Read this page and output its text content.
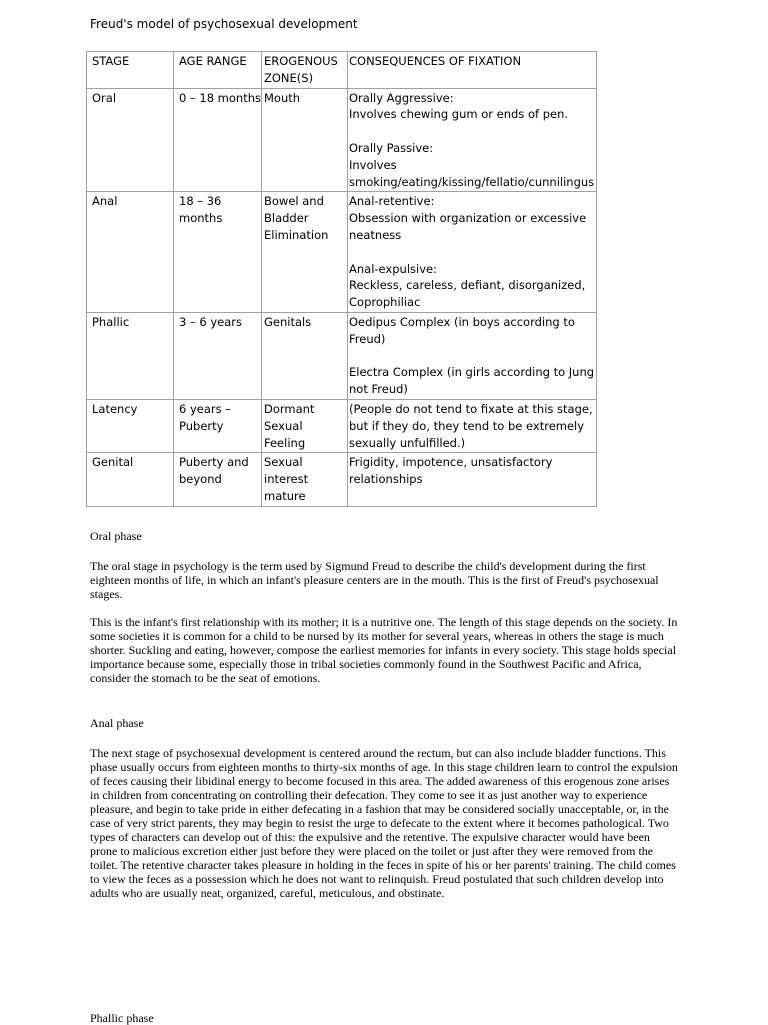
Freud's model of psychosexual development
STAGE	AGE RANGE	EROGENOUS ZONE(S)	CONSEQUENCES OF FIXATION
Oral	0 – 18 months	Mouth	Orally Aggressive:
Involves chewing gum or ends of pen.
Orally Passive:
Involves
smoking/eating/kissing/fellatio/cunnilingus

Anal	18 – 36 months	Bowel and Bladder Elimination	Anal-retentive:
Obsession with organization or excessive neatness
Anal-expulsive:
Reckless, careless, defiant, disorganized, Coprophiliac

Phallic	3 – 6 years	Genitals	Oedipus Complex (in boys according to Freud)
Electra Complex (in girls according to Jung not Freud)

Latency	6 years – Puberty	Dormant Sexual Feeling	(People do not tend to fixate at this stage, but if they do, they tend to be extremely sexually unfulfilled.)

Genital	Puberty and beyond	Sexual interest mature	Frigidity, impotence, unsatisfactory relationships

Oral phase

The oral stage in psychology is the term used by Sigmund Freud to describe the child's development during the first eighteen months of life, in which an infant's pleasure centers are in the mouth. This is the first of Freud's psychosexual stages.

This is the infant's first relationship with its mother; it is a nutritive one. The length of this stage depends on the society. In some societies it is common for a child to be nursed by its mother for several years, whereas in others the stage is much shorter. Suckling and eating, however, compose the earliest memories for infants in every society. This stage holds special importance because some, especially those in tribal societies commonly found in the Southwest Pacific and Africa, consider the stomach to be the seat of emotions.

Anal phase

The next stage of psychosexual development is centered around the rectum, but can also include bladder functions. This phase usually occurs from eighteen months to thirty-six months of age. In this stage children learn to control the expulsion of feces causing their libidinal energy to become focused in this area. The added awareness of this erogenous zone arises in children from concentrating on controlling their defecation. They come to see it as just another way to experience pleasure, and begin to take pride in either defecating in a fashion that may be considered socially unacceptable, or, in the case of very strict parents, they may begin to resist the urge to defecate to the extent where it becomes pathological. Two types of characters can develop out of this: the expulsive and the retentive. The expulsive character would have been prone to malicious excretion either just before they were placed on the toilet or just after they were removed from the toilet. The retentive character takes pleasure in holding in the feces in spite of his or her parents' training. The child comes to view the feces as a possession which he does not want to relinquish. Freud postulated that such children develop into adults who are usually neat, organized, careful, meticulous, and obstinate.

Phallic phase
